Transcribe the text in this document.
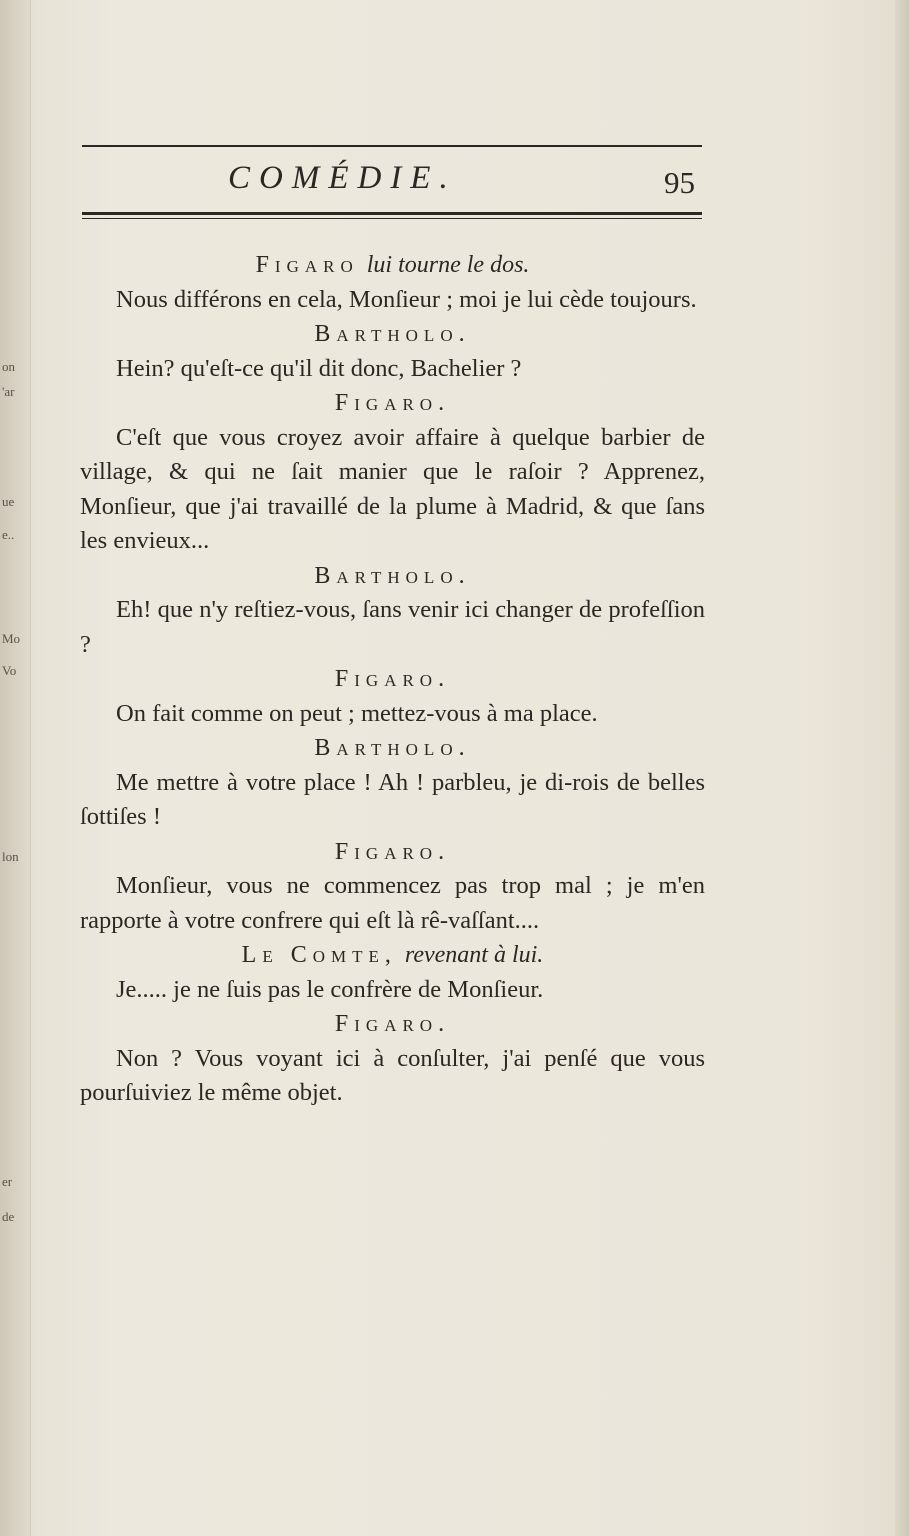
on
'ar
ue
e..
Mo
Vo
lon
er
de
COMÉDIE.	95

Figaro lui tourne le dos.

Nous différons en cela, Monſieur ; moi je lui cède toujours.

Bartholo.

Hein? qu'eſt-ce qu'il dit donc, Bachelier ?

Figaro.

C'eſt que vous croyez avoir affaire à quelque barbier de village, & qui ne ſait manier que le raſoir ? Apprenez, Monſieur, que j'ai travaillé de la plume à Madrid, & que ſans les envieux...

Bartholo.

Eh! que n'y reſtiez-vous, ſans venir ici changer de profeſſion ?

Figaro.

On fait comme on peut ; mettez-vous à ma place.

Bartholo.

Me mettre à votre place ! Ah ! parbleu, je di-rois de belles ſottiſes !

Figaro.

Monſieur, vous ne commencez pas trop mal ; je m'en rapporte à votre confrere qui eſt là rê-vaſſant....

Le Comte, revenant à lui.

Je..... je ne ſuis pas le confrère de Monſieur.

Figaro.

Non ? Vous voyant ici à conſulter, j'ai penſé que vous pourſuiviez le même objet.
